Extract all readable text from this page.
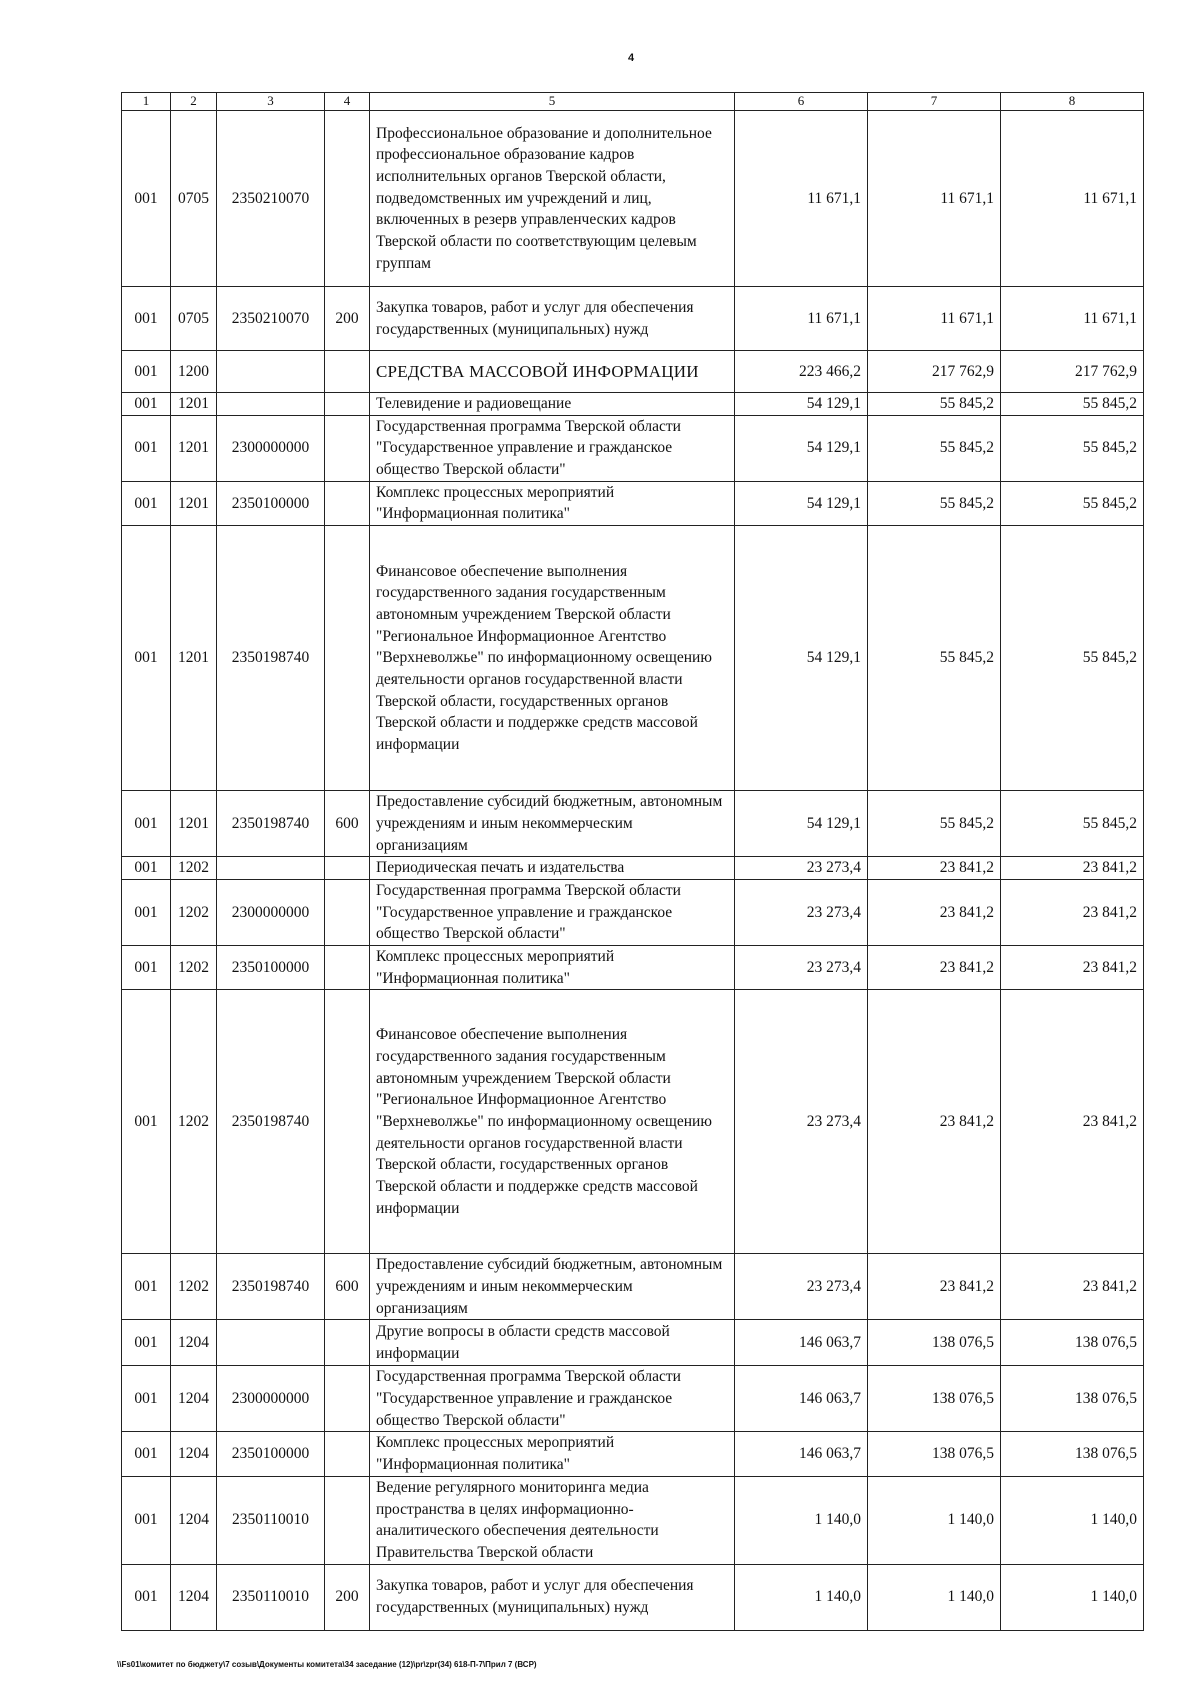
4
1	2	3	4	5	6	7	8
001	0705	2350210070		Профессиональное образование и дополнительное профессиональное образование кадров исполнительных органов Тверской области, подведомственных им учреждений и лиц, включенных в резерв управленческих кадров Тверской области по соответствующим целевым группам	11 671,1	11 671,1	11 671,1
001	0705	2350210070	200	Закупка товаров, работ и услуг для обеспечения государственных (муниципальных) нужд	11 671,1	11 671,1	11 671,1
001	1200			СРЕДСТВА МАССОВОЙ ИНФОРМАЦИИ	223 466,2	217 762,9	217 762,9
001	1201			Телевидение и радиовещание	54 129,1	55 845,2	55 845,2
001	1201	2300000000		Государственная программа Тверской области "Государственное управление и гражданское общество Тверской области"	54 129,1	55 845,2	55 845,2
001	1201	2350100000		Комплекс процессных мероприятий "Информационная политика"	54 129,1	55 845,2	55 845,2
001	1201	2350198740		Финансовое обеспечение выполнения государственного задания государственным автономным учреждением Тверской области "Региональное Информационное Агентство "Верхневолжье" по информационному освещению деятельности органов государственной власти Тверской области, государственных органов Тверской области и поддержке средств массовой информации	54 129,1	55 845,2	55 845,2
001	1201	2350198740	600	Предоставление субсидий бюджетным, автономным учреждениям и иным некоммерческим организациям	54 129,1	55 845,2	55 845,2
001	1202			Периодическая печать и издательства	23 273,4	23 841,2	23 841,2
001	1202	2300000000		Государственная программа Тверской области "Государственное управление и гражданское общество Тверской области"	23 273,4	23 841,2	23 841,2
001	1202	2350100000		Комплекс процессных мероприятий "Информационная политика"	23 273,4	23 841,2	23 841,2
001	1202	2350198740		Финансовое обеспечение выполнения государственного задания государственным автономным учреждением Тверской области "Региональное Информационное Агентство "Верхневолжье" по информационному освещению деятельности органов государственной власти Тверской области, государственных органов Тверской области и поддержке средств массовой информации	23 273,4	23 841,2	23 841,2
001	1202	2350198740	600	Предоставление субсидий бюджетным, автономным учреждениям и иным некоммерческим организациям	23 273,4	23 841,2	23 841,2
001	1204			Другие вопросы в области средств массовой информации	146 063,7	138 076,5	138 076,5
001	1204	2300000000		Государственная программа Тверской области "Государственное управление и гражданское общество Тверской области"	146 063,7	138 076,5	138 076,5
001	1204	2350100000		Комплекс процессных мероприятий "Информационная политика"	146 063,7	138 076,5	138 076,5
001	1204	2350110010		Ведение регулярного мониторинга медиа пространства в целях информационно-аналитического обеспечения деятельности Правительства Тверской области	1 140,0	1 140,0	1 140,0
001	1204	2350110010	200	Закупка товаров, работ и услуг для обеспечения государственных (муниципальных) нужд	1 140,0	1 140,0	1 140,0
\\Fs01\комитет по бюджету\7 созыв\Документы комитета\34 заседание (12)\pr\zpr(34) 618-П-7\Прил 7 (ВСР)
